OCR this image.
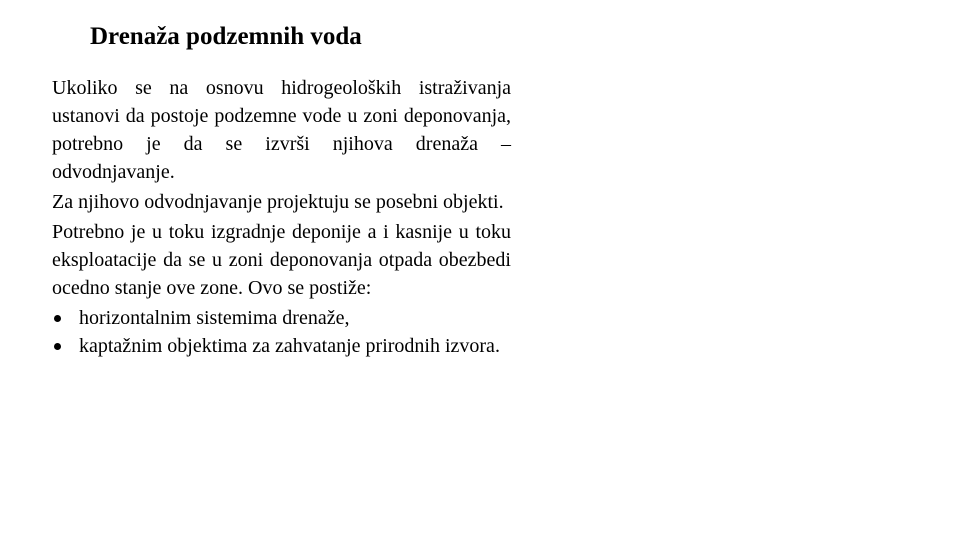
Drenaža podzemnih voda

Ukoliko se na osnovu hidrogeoloških istraživanja ustanovi da postoje podzemne vode u zoni deponovanja, potrebno je da se izvrši njihova drenaža – odvodnjavanje.

Za njihovo odvodnjavanje projektuju se posebni objekti.

Potrebno je u toku izgradnje deponije a i kasnije u toku eksploatacije da se u zoni deponovanja otpada obezbedi ocedno stanje ove zone. Ovo se postiže:

horizontalnim sistemima drenaže,
kaptažnim objektima za zahvatanje prirodnih izvora.
